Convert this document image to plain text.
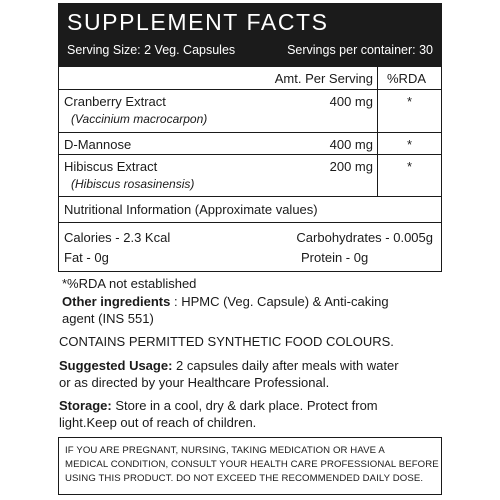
SUPPLEMENT FACTS
Serving Size: 2 Veg. Capsules	Servings per container: 30
Amt. Per Serving %RDA
Cranberry Extract
(Vaccinium macrocarpon)
400 mg	*
D-Mannose	400 mg	*
Hibiscus Extract
(Hibiscus rosasinensis)
200 mg	*
Nutritional Information (Approximate values)
Calories - 2.3 Kcal	Carbohydrates - 0.005g
Fat - 0g	Protein - 0g
*%RDA not established
Other ingredients : HPMC (Veg. Capsule) & Anti-caking
agent (INS 551)
CONTAINS PERMITTED SYNTHETIC FOOD COLOURS.
Suggested Usage: 2 capsules daily after meals with water
or as directed by your Healthcare Professional.
Storage: Store in a cool, dry & dark place. Protect from
light.Keep out of reach of children.
IF YOU ARE PREGNANT, NURSING, TAKING MEDICATION OR HAVE A
MEDICAL CONDITION, CONSULT YOUR HEALTH CARE PROFESSIONAL BEFORE
USING THIS PRODUCT. DO NOT EXCEED THE RECOMMENDED DAILY DOSE.
